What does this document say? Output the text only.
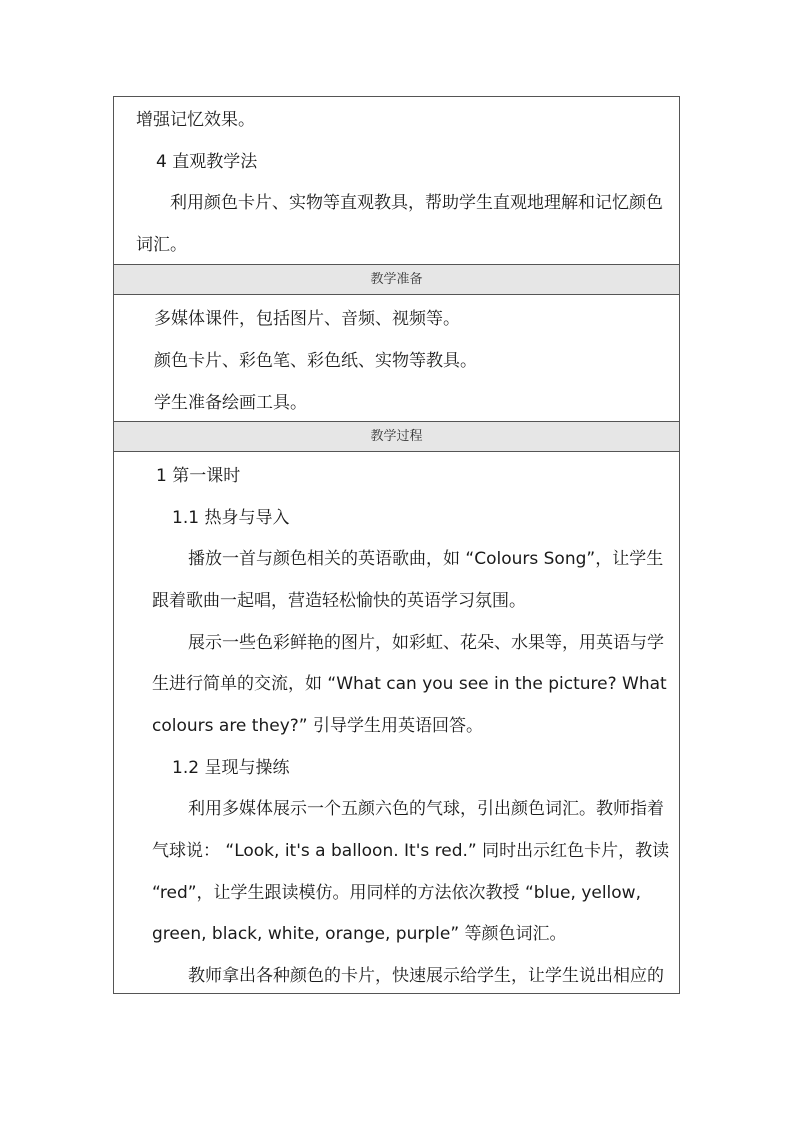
增强记忆效果。
4 直观教学法
利用颜色卡片、实物等直观教具，帮助学生直观地理解和记忆颜色
词汇。
教学准备
多媒体课件，包括图片、音频、视频等。
颜色卡片、彩色笔、彩色纸、实物等教具。
学生准备绘画工具。
教学过程
1 第一课时
1.1 热身与导入
播放一首与颜色相关的英语歌曲，如 “Colours Song”，让学生
跟着歌曲一起唱，营造轻松愉快的英语学习氛围。
展示一些色彩鲜艳的图片，如彩虹、花朵、水果等，用英语与学
生进行简单的交流，如 “What can you see in the picture? What
colours are they?” 引导学生用英语回答。
1.2 呈现与操练
利用多媒体展示一个五颜六色的气球，引出颜色词汇。教师指着
气球说： “Look, it's a balloon. It's red.” 同时出示红色卡片，教读
“red”，让学生跟读模仿。用同样的方法依次教授 “blue, yellow,
green, black, white, orange, purple” 等颜色词汇。
教师拿出各种颜色的卡片，快速展示给学生，让学生说出相应的
